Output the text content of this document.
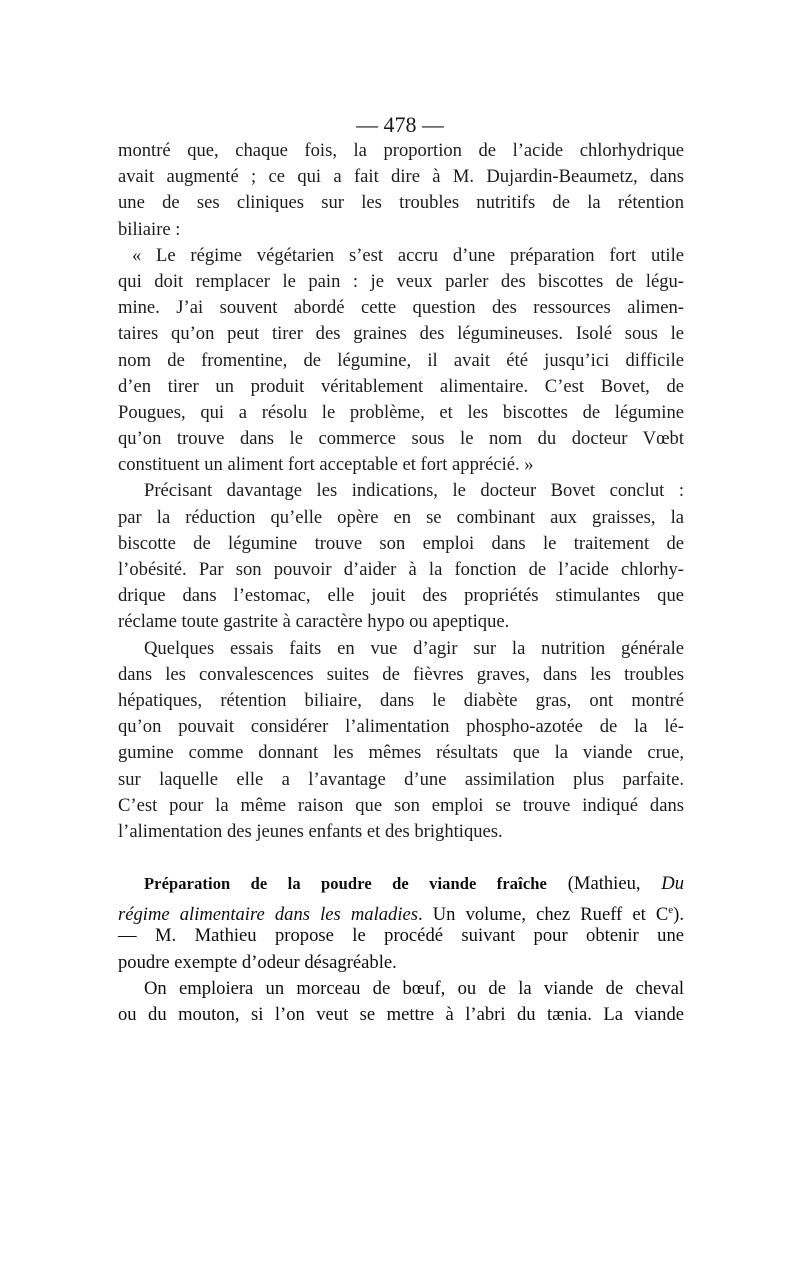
— 478 —
montré que, chaque fois, la proportion de l’acide chlorhydrique
avait augmenté ; ce qui a fait dire à M. Dujardin-Beaumetz, dans
une de ses cliniques sur les troubles nutritifs de la rétention
biliaire :
« Le régime végétarien s’est accru d’une préparation fort utile
qui doit remplacer le pain : je veux parler des biscottes de légu-
mine. J’ai souvent abordé cette question des ressources alimen-
taires qu’on peut tirer des graines des légumineuses. Isolé sous le
nom de fromentine, de légumine, il avait été jusqu’ici difficile
d’en tirer un produit véritablement alimentaire. C’est Bovet, de
Pougues, qui a résolu le problème, et les biscottes de légumine
qu’on trouve dans le commerce sous le nom du docteur Vœbt
constituent un aliment fort acceptable et fort apprécié. »
Précisant davantage les indications, le docteur Bovet conclut :
par la réduction qu’elle opère en se combinant aux graisses, la
biscotte de légumine trouve son emploi dans le traitement de
l’obésité. Par son pouvoir d’aider à la fonction de l’acide chlorhy-
drique dans l’estomac, elle jouit des propriétés stimulantes que
réclame toute gastrite à caractère hypo ou apeptique.
Quelques essais faits en vue d’agir sur la nutrition générale
dans les convalescences suites de fièvres graves, dans les troubles
hépatiques, rétention biliaire, dans le diabète gras, ont montré
qu’on pouvait considérer l’alimentation phospho-azotée de la lé-
gumine comme donnant les mêmes résultats que la viande crue,
sur laquelle elle a l’avantage d’une assimilation plus parfaite.
C’est pour la même raison que son emploi se trouve indiqué dans
l’alimentation des jeunes enfants et des brightiques.
Préparation de la poudre de viande fraîche (Mathieu, Du
régime alimentaire dans les maladies. Un volume, chez Rueff et Ce).
— M. Mathieu propose le procédé suivant pour obtenir une
poudre exempte d’odeur désagréable.
On emploiera un morceau de bœuf, ou de la viande de cheval
ou du mouton, si l’on veut se mettre à l’abri du tænia. La viande
